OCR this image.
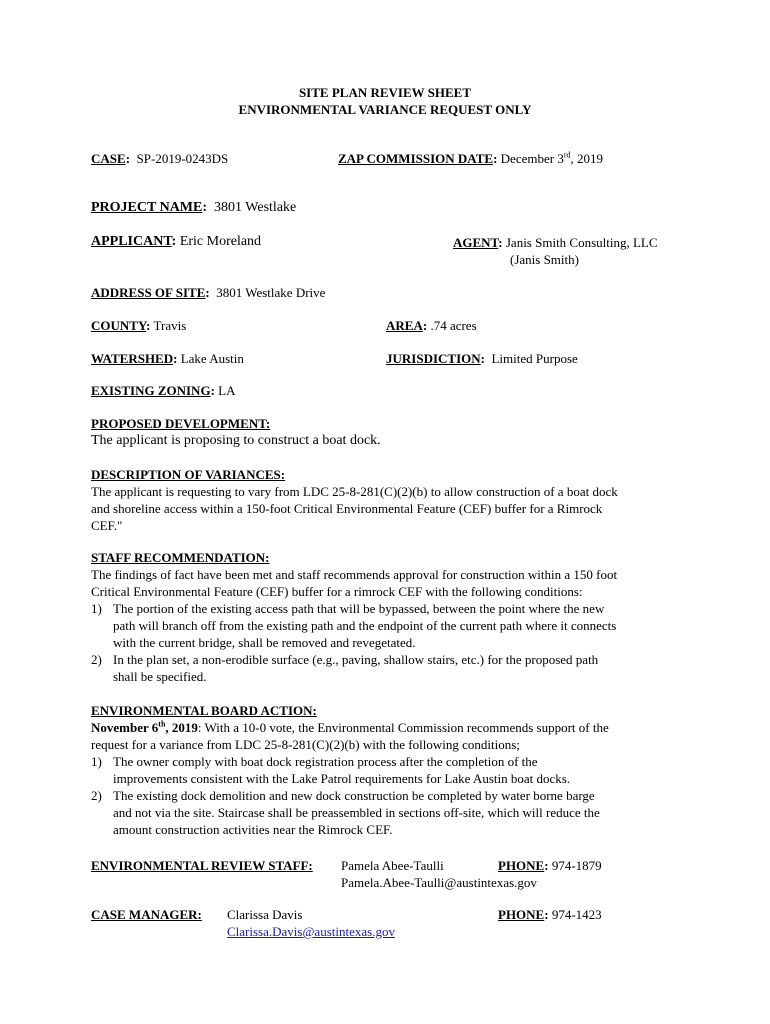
SITE PLAN REVIEW SHEET
ENVIRONMENTAL VARIANCE REQUEST ONLY
CASE: SP-2019-0243DS	ZAP COMMISSION DATE: December 3rd, 2019
PROJECT NAME: 3801 Westlake
APPLICANT: Eric Moreland	AGENT: Janis Smith Consulting, LLC
(Janis Smith)
ADDRESS OF SITE: 3801 Westlake Drive
COUNTY: Travis	AREA: .74 acres
WATERSHED: Lake Austin	JURISDICTION: Limited Purpose
EXISTING ZONING: LA
PROPOSED DEVELOPMENT:
The applicant is proposing to construct a boat dock.
DESCRIPTION OF VARIANCES:
The applicant is requesting to vary from LDC 25-8-281(C)(2)(b) to allow construction of a boat dock
and shoreline access within a 150-foot Critical Environmental Feature (CEF) buffer for a Rimrock
CEF."
STAFF RECOMMENDATION:
The findings of fact have been met and staff recommends approval for construction within a 150 foot
Critical Environmental Feature (CEF) buffer for a rimrock CEF with the following conditions:
1) The portion of the existing access path that will be bypassed, between the point where the new
path will branch off from the existing path and the endpoint of the current path where it connects
with the current bridge, shall be removed and revegetated.
2) In the plan set, a non-erodible surface (e.g., paving, shallow stairs, etc.) for the proposed path
shall be specified.
ENVIRONMENTAL BOARD ACTION:
November 6th, 2019: With a 10-0 vote, the Environmental Commission recommends support of the
request for a variance from LDC 25-8-281(C)(2)(b) with the following conditions;
1) The owner comply with boat dock registration process after the completion of the
improvements consistent with the Lake Patrol requirements for Lake Austin boat docks.
2) The existing dock demolition and new dock construction be completed by water borne barge
and not via the site. Staircase shall be preassembled in sections off-site, which will reduce the
amount construction activities near the Rimrock CEF.
ENVIRONMENTAL REVIEW STAFF: Pamela Abee-Taulli
Pamela.Abee-Taulli@austintexas.gov
PHONE: 974-1879
CASE MANAGER: Clarissa Davis
Clarissa.Davis@austintexas.gov
PHONE: 974-1423
